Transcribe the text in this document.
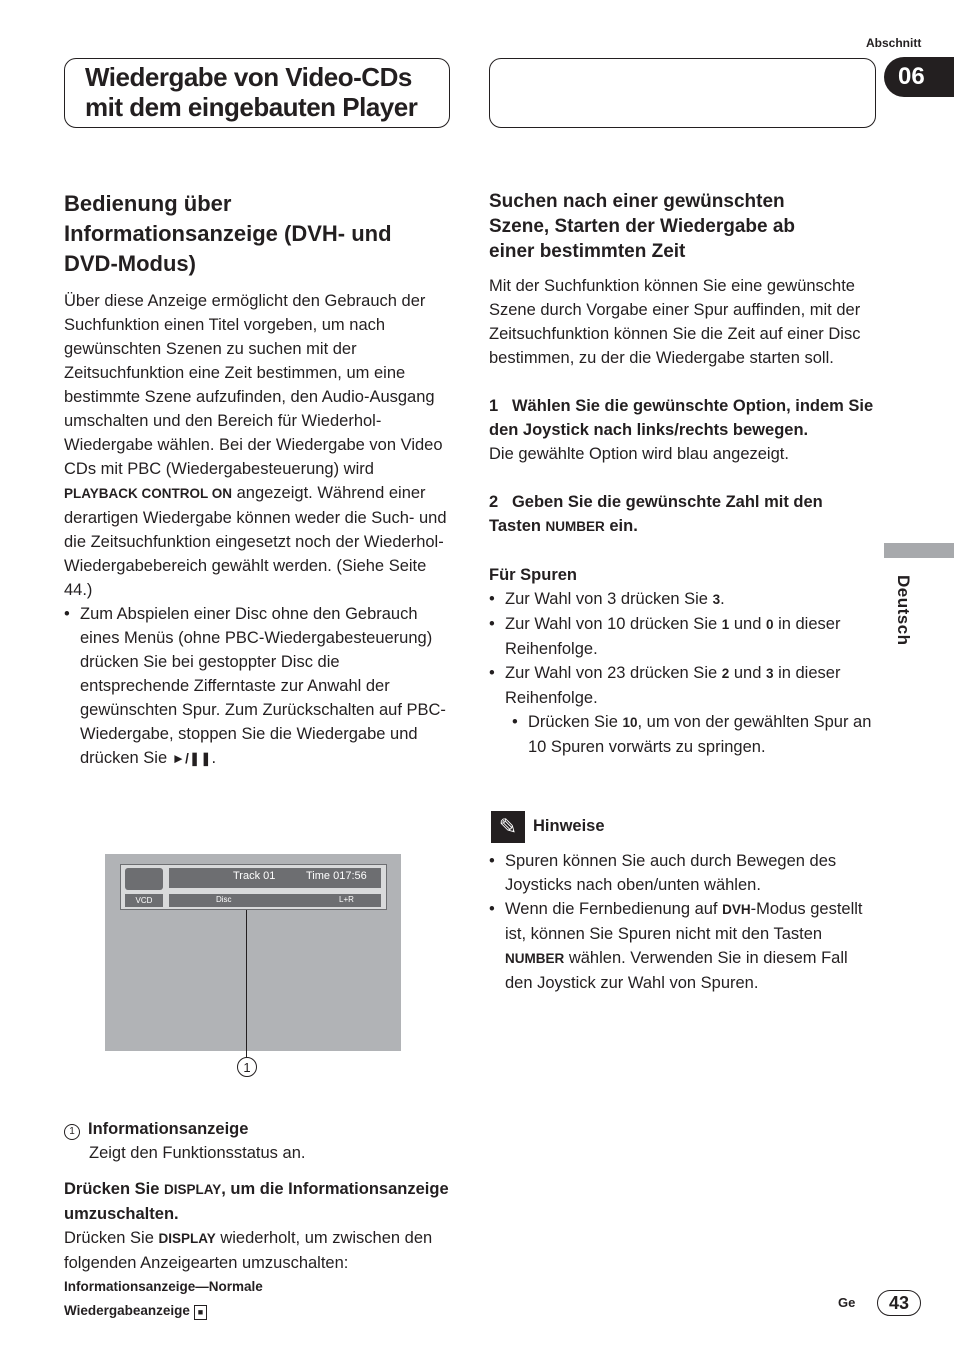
Abschnitt
06
Wiedergabe von Video-CDs
mit dem eingebauten Player
Deutsch
Bedienung über
Informationsanzeige (DVH- und
DVD-Modus)

Über diese Anzeige ermöglicht den Gebrauch der Suchfunktion einen Titel vorgeben, um nach gewünschten Szenen zu suchen mit der Zeitsuchfunktion eine Zeit bestimmen, um eine bestimmte Szene aufzufinden, den Audio-Ausgang umschalten und den Bereich für Wiederhol-Wiedergabe wählen. Bei der Wiedergabe von Video CDs mit PBC (Wiedergabesteuerung) wird PLAYBACK CONTROL ON angezeigt. Während einer derartigen Wiedergabe können weder die Such- und die Zeitsuchfunktion eingesetzt noch der Wiederhol-Wiedergabebereich gewählt werden. (Siehe Seite 44.)

• Zum Abspielen einer Disc ohne den Gebrauch eines Menüs (ohne PBC-Wiedergabesteuerung) drücken Sie bei gestoppter Disc die entsprechende Zifferntaste zur Anwahl der gewünschten Spur. Zum Zurückschalten auf PBC-Wiedergabe, stoppen Sie die Wiedergabe und drücken Sie ►/❚❚.
Track 01	Time 017:56
VCD	Disc	L+R
1

1 Informationsanzeige

Zeigt den Funktionsstatus an.

Drücken Sie DISPLAY, um die Informationsanzeige umzuschalten.

Drücken Sie DISPLAY wiederholt, um zwischen den folgenden Anzeigearten umzuschalten:

Informationsanzeige—Normale

Wiedergabeanzeige ■

Suchen nach einer gewünschten
Szene, Starten der Wiedergabe ab
einer bestimmten Zeit

Mit der Suchfunktion können Sie eine gewünschte Szene durch Vorgabe einer Spur auffinden, mit der Zeitsuchfunktion können Sie die Zeit auf einer Disc bestimmen, zu der die Wiedergabe starten soll.

1 Wählen Sie die gewünschte Option, indem Sie den Joystick nach links/rechts bewegen.

Die gewählte Option wird blau angezeigt.

2 Geben Sie die gewünschte Zahl mit den Tasten NUMBER ein.

Für Spuren

• Zur Wahl von 3 drücken Sie 3.
• Zur Wahl von 10 drücken Sie 1 und 0 in dieser Reihenfolge.
• Zur Wahl von 23 drücken Sie 2 und 3 in dieser Reihenfolge.
• Drücken Sie 10, um von der gewählten Spur an 10 Spuren vorwärts zu springen.
✎ Hinweise
• Spuren können Sie auch durch Bewegen des Joysticks nach oben/unten wählen.
• Wenn die Fernbedienung auf DVH-Modus gestellt ist, können Sie Spuren nicht mit den Tasten NUMBER wählen. Verwenden Sie in diesem Fall den Joystick zur Wahl von Spuren.
Ge	43
